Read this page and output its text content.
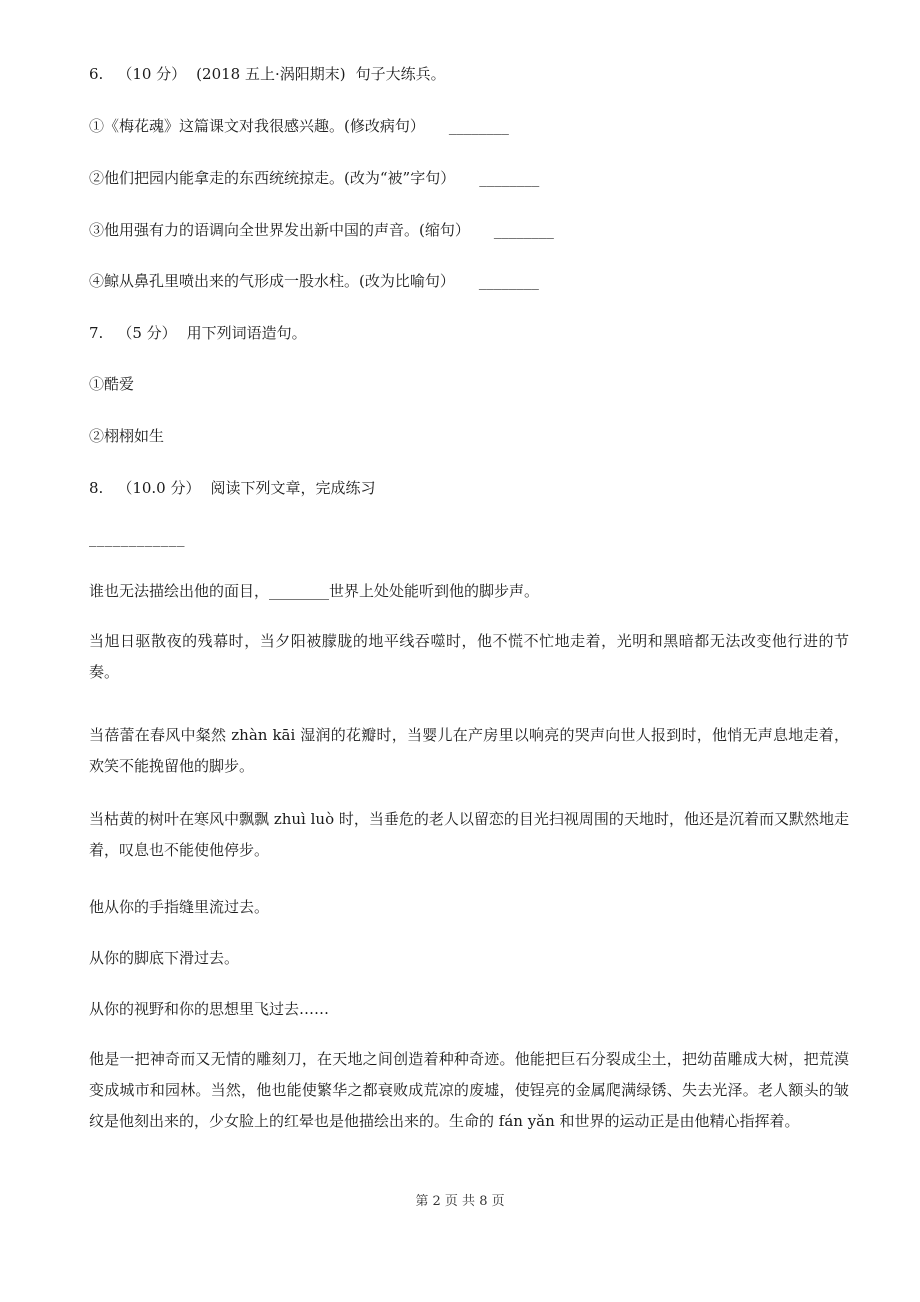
6. （10 分） (2018 五上·涡阳期末) 句子大练兵。
①《梅花魂》这篇课文对我很感兴趣。(修改病句） ________
②他们把园内能拿走的东西统统掠走。(改为“被”字句） ________
③他用强有力的语调向全世界发出新中国的声音。(缩句） ________
④鲸从鼻孔里喷出来的气形成一股水柱。(改为比喻句） ________
7. （5 分） 用下列词语造句。
①酷爱
②栩栩如生
8. （10.0 分） 阅读下列文章，完成练习
____________
谁也无法描绘出他的面目，________世界上处处能听到他的脚步声。
当旭日驱散夜的残幕时，当夕阳被朦胧的地平线吞噬时，他不慌不忙地走着，光明和黑暗都无法改变他行进的节奏。
当蓓蕾在春风中粲然 zhàn kāi 湿润的花瓣时，当婴儿在产房里以响亮的哭声向世人报到时，他悄无声息地走着，欢笑不能挽留他的脚步。
当枯黄的树叶在寒风中飘飘 zhuì luò 时，当垂危的老人以留恋的目光扫视周围的天地时，他还是沉着而又默然地走着，叹息也不能使他停步。
他从你的手指缝里流过去。
从你的脚底下滑过去。
从你的视野和你的思想里飞过去……
他是一把神奇而又无情的雕刻刀，在天地之间创造着种种奇迹。他能把巨石分裂成尘土，把幼苗雕成大树，把荒漠变成城市和园林。当然，他也能使繁华之都衰败成荒凉的废墟，使锃亮的金属爬满绿锈、失去光泽。老人额头的皱纹是他刻出来的，少女脸上的红晕也是他描绘出来的。生命的 fán yǎn 和世界的运动正是由他精心指挥着。
第 2 页 共 8 页
